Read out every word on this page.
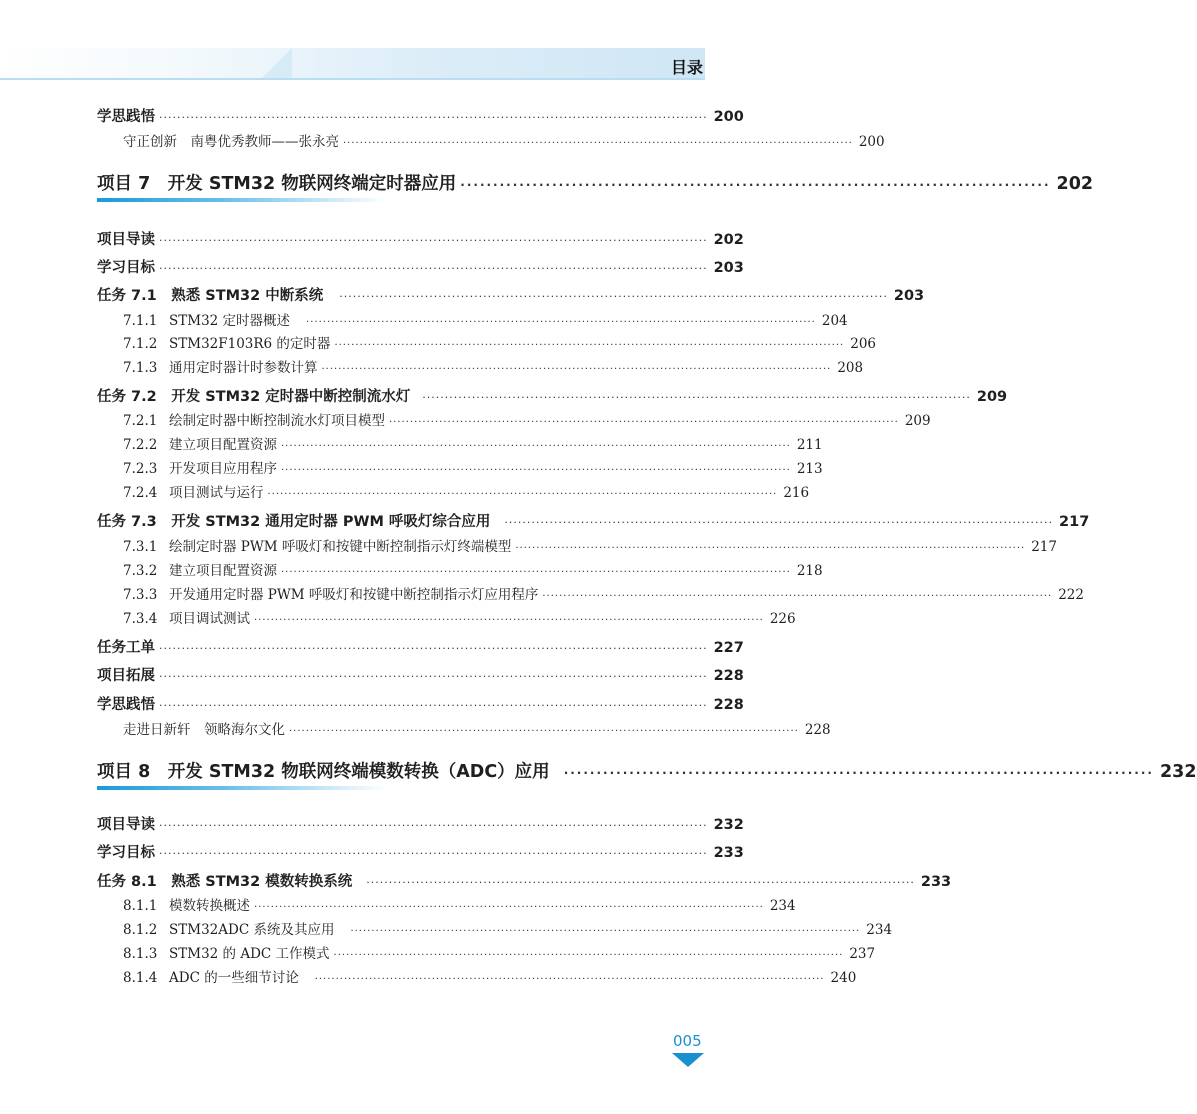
目录
学思践悟 ·························································································································· 200
守正创新　南粤优秀教师——张永亮 ·························································································································· 200
项目 7　开发 STM32 物联网终端定时器应用 ·························································································· 202
项目导读 ·························································································································· 202
学习目标 ·························································································································· 203
任务 7.1　熟悉 STM32 中断系统 ·························································································································· 203
7.1.1 STM32 定时器概述 ·························································································································· 204
7.1.2 STM32F103R6 的定时器 ·························································································································· 206
7.1.3 通用定时器计时参数计算 ·························································································································· 208
任务 7.2　开发 STM32 定时器中断控制流水灯 ·························································································································· 209
7.2.1 绘制定时器中断控制流水灯项目模型 ·························································································································· 209
7.2.2 建立项目配置资源 ·························································································································· 211
7.2.3 开发项目应用程序 ·························································································································· 213
7.2.4 项目测试与运行 ·························································································································· 216
任务 7.3　开发 STM32 通用定时器 PWM 呼吸灯综合应用 ·························································································································· 217
7.3.1 绘制定时器 PWM 呼吸灯和按键中断控制指示灯终端模型 ·························································································································· 217
7.3.2 建立项目配置资源 ·························································································································· 218
7.3.3 开发通用定时器 PWM 呼吸灯和按键中断控制指示灯应用程序 ·························································································································· 222
7.3.4 项目调试测试 ·························································································································· 226
任务工单 ·························································································································· 227
项目拓展 ·························································································································· 228
学思践悟 ·························································································································· 228
走进日新轩　领略海尔文化 ·························································································································· 228
项目 8　开发 STM32 物联网终端模数转换（ADC）应用 ·························································································· 232
项目导读 ·························································································································· 232
学习目标 ·························································································································· 233
任务 8.1　熟悉 STM32 模数转换系统 ·························································································································· 233
8.1.1 模数转换概述 ·························································································································· 234
8.1.2 STM32ADC 系统及其应用 ·························································································································· 234
8.1.3 STM32 的 ADC 工作模式 ·························································································································· 237
8.1.4 ADC 的一些细节讨论 ·························································································································· 240
005
